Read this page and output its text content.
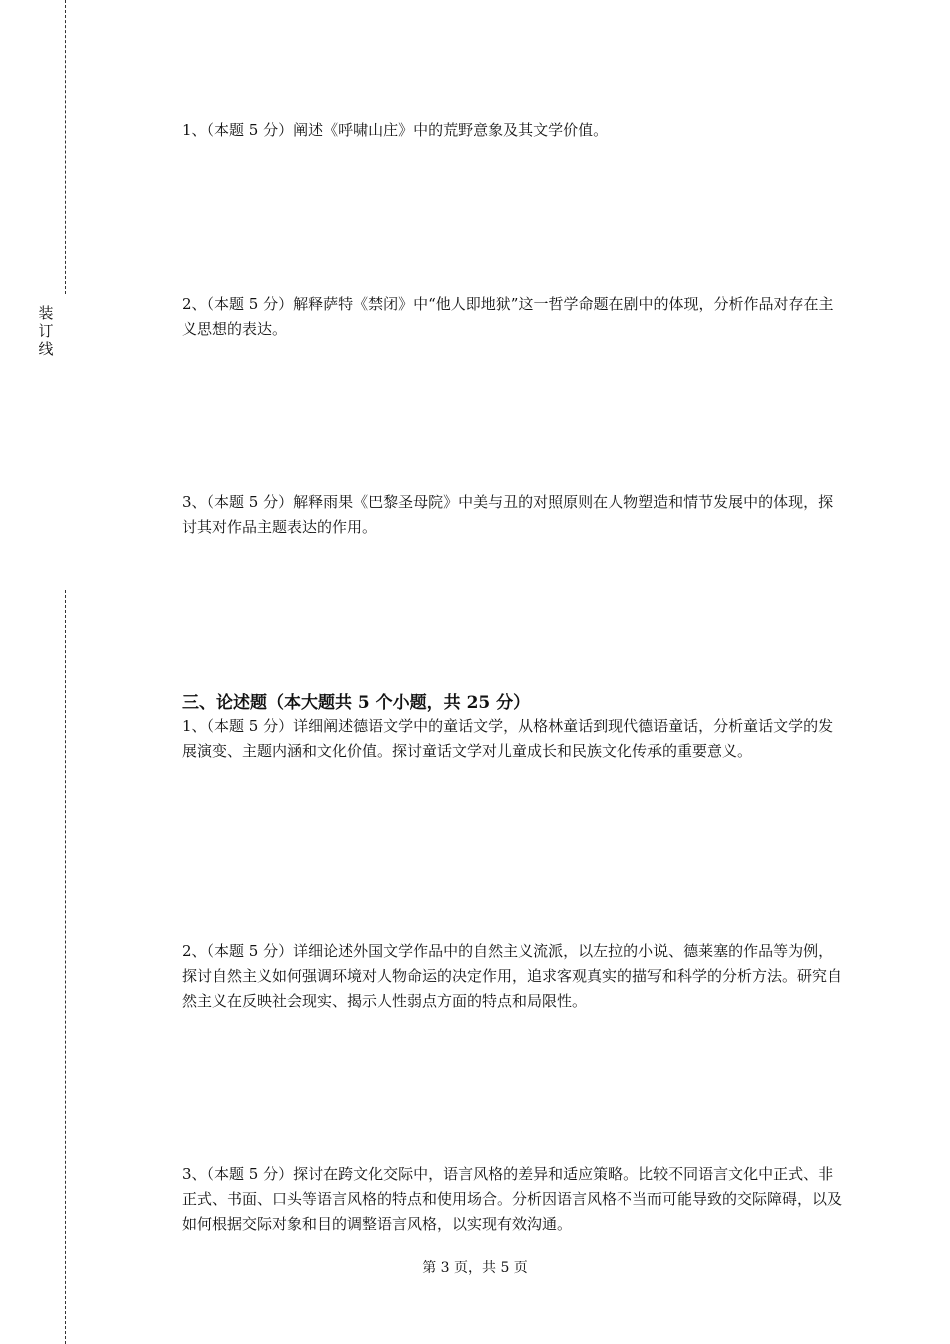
装
订
线

1、（本题 5 分）阐述《呼啸山庄》中的荒野意象及其文学价值。

2、（本题 5 分）解释萨特《禁闭》中“他人即地狱”这一哲学命题在剧中的体现，分析作品对存在主义思想的表达。

3、（本题 5 分）解释雨果《巴黎圣母院》中美与丑的对照原则在人物塑造和情节发展中的体现，探讨其对作品主题表达的作用。

三、论述题（本大题共 5 个小题，共 25 分）

1、（本题 5 分）详细阐述德语文学中的童话文学，从格林童话到现代德语童话，分析童话文学的发展演变、主题内涵和文化价值。探讨童话文学对儿童成长和民族文化传承的重要意义。

2、（本题 5 分）详细论述外国文学作品中的自然主义流派，以左拉的小说、德莱塞的作品等为例，探讨自然主义如何强调环境对人物命运的决定作用，追求客观真实的描写和科学的分析方法。研究自然主义在反映社会现实、揭示人性弱点方面的特点和局限性。

3、（本题 5 分）探讨在跨文化交际中，语言风格的差异和适应策略。比较不同语言文化中正式、非正式、书面、口头等语言风格的特点和使用场合。分析因语言风格不当而可能导致的交际障碍，以及如何根据交际对象和目的调整语言风格，以实现有效沟通。

第 3 页，共 5 页
